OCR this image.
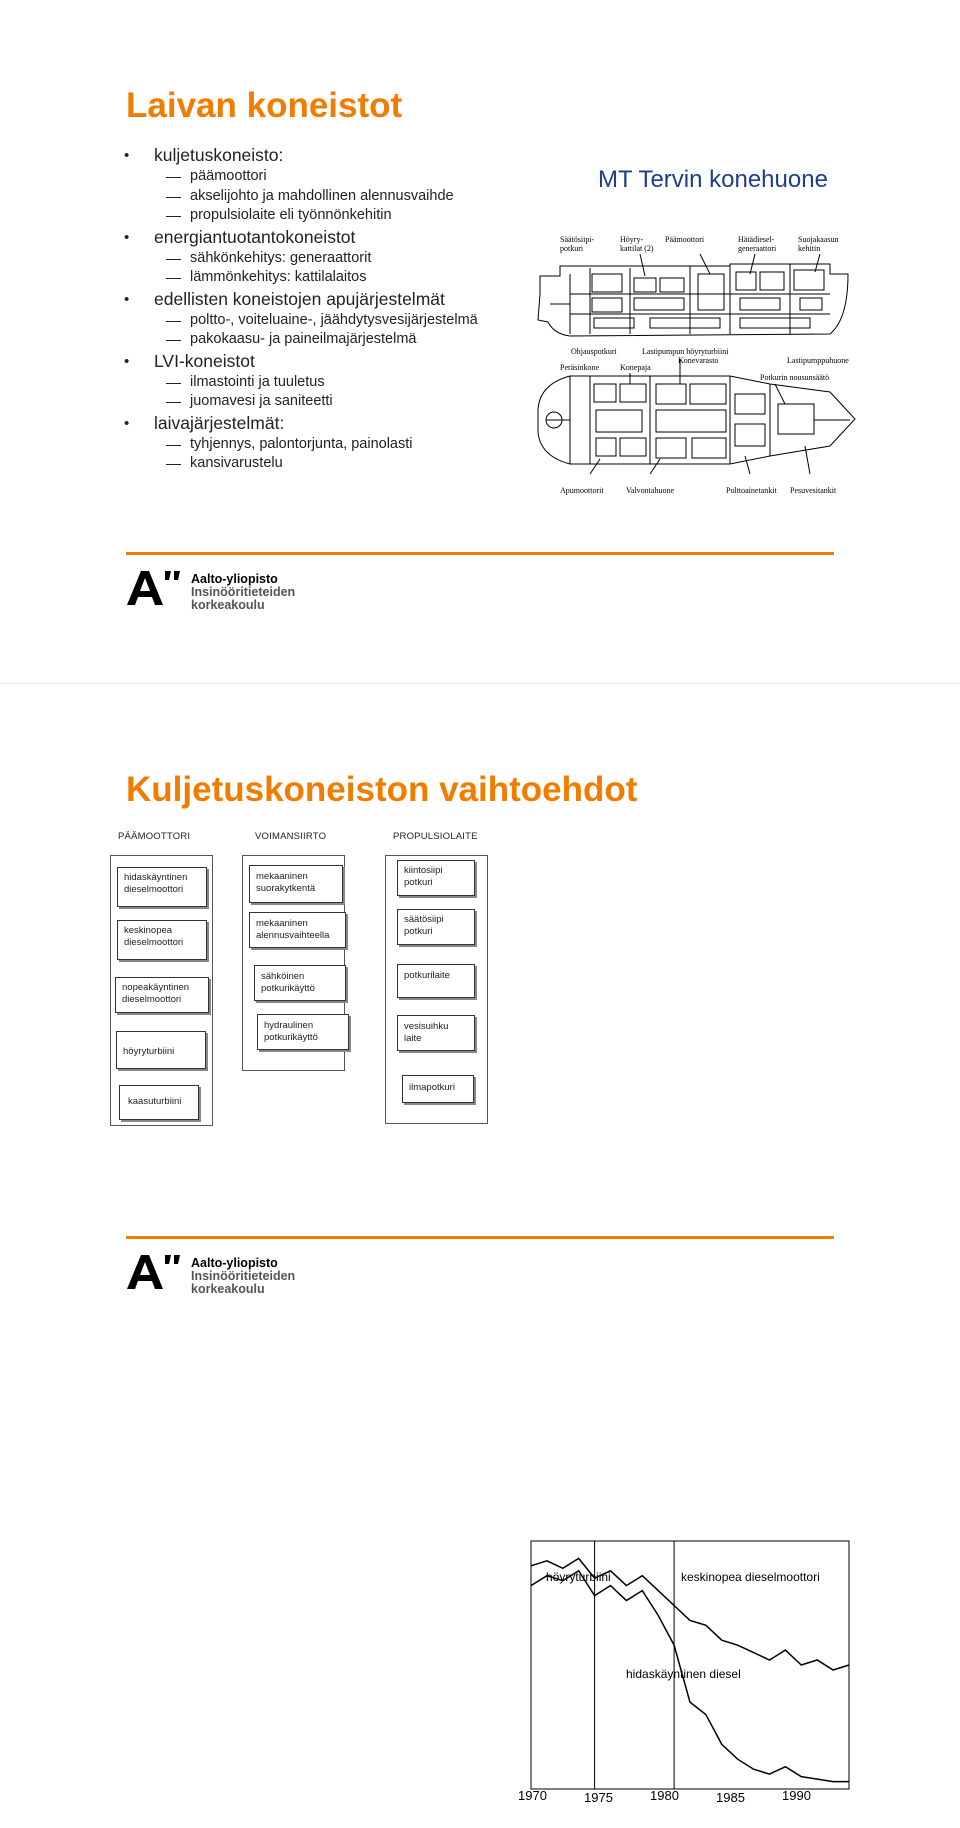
Laivan koneistot
• kuljetuskoneisto:
päämoottori
akselijohto ja mahdollinen alennusvaihde
propulsiolaite eli työnnönkehitin
• energiantuotantokoneistot
sähkönkehitys: generaattorit
lämmönkehitys: kattilalaitos
• edellisten koneistojen apujärjestelmät
poltto-, voiteluaine-, jäähdytysvesijärjestelmä
pakokaasu- ja paineilmajärjestelmä
• LVI-koneistot
ilmastointi ja tuuletus
juomavesi ja saniteetti
• laivajärjestelmät:
tyhjennys, palontorjunta, painolasti
kansivarustelu
MT Tervin konehuone
Säätösiipi-
potkuri
Höyry-
kattilat (2)
Päämoottori	Hätädiesel-
generaattori
Suojakaasun
kehitin
Ohjauspotkuri
Peräsinkone
Lastipumpun höyryturbiini
Konevarasto
Konepaja
Lastipumppuhuone
Potkurin nousunsäätö
Apumoottorit	Valvontahuone	Polttoainetankit Pesuvesitankit
Aalto-yliopisto
Insinööritieteiden
korkeakoulu
Kuljetuskoneiston vaihtoehdot
PÄÄMOOTTORI	VOIMANSIIRTO	PROPULSIOLAITE
hidaskäyntinen dieselmoottori
keskinopea dieselmoottori
nopeakäyntinen dieselmoottori
höyryturbiini
kaasuturbiini
mekaaninen suorakytkentä
mekaaninen alennusvaihteella
sähköinen potkurikäyttö
hydraulinen potkurikäyttö
kiintosiipi potkuri
säätösiipi potkuri
potkurilaite
vesisuihku laite
ilmapotkuri
1970	1975	1980	1985	1990
höyryturbiini	keskinopea dieselmoottori
hidaskäyntinen diesel
Aalto-yliopisto
Insinööritieteiden
korkeakoulu
